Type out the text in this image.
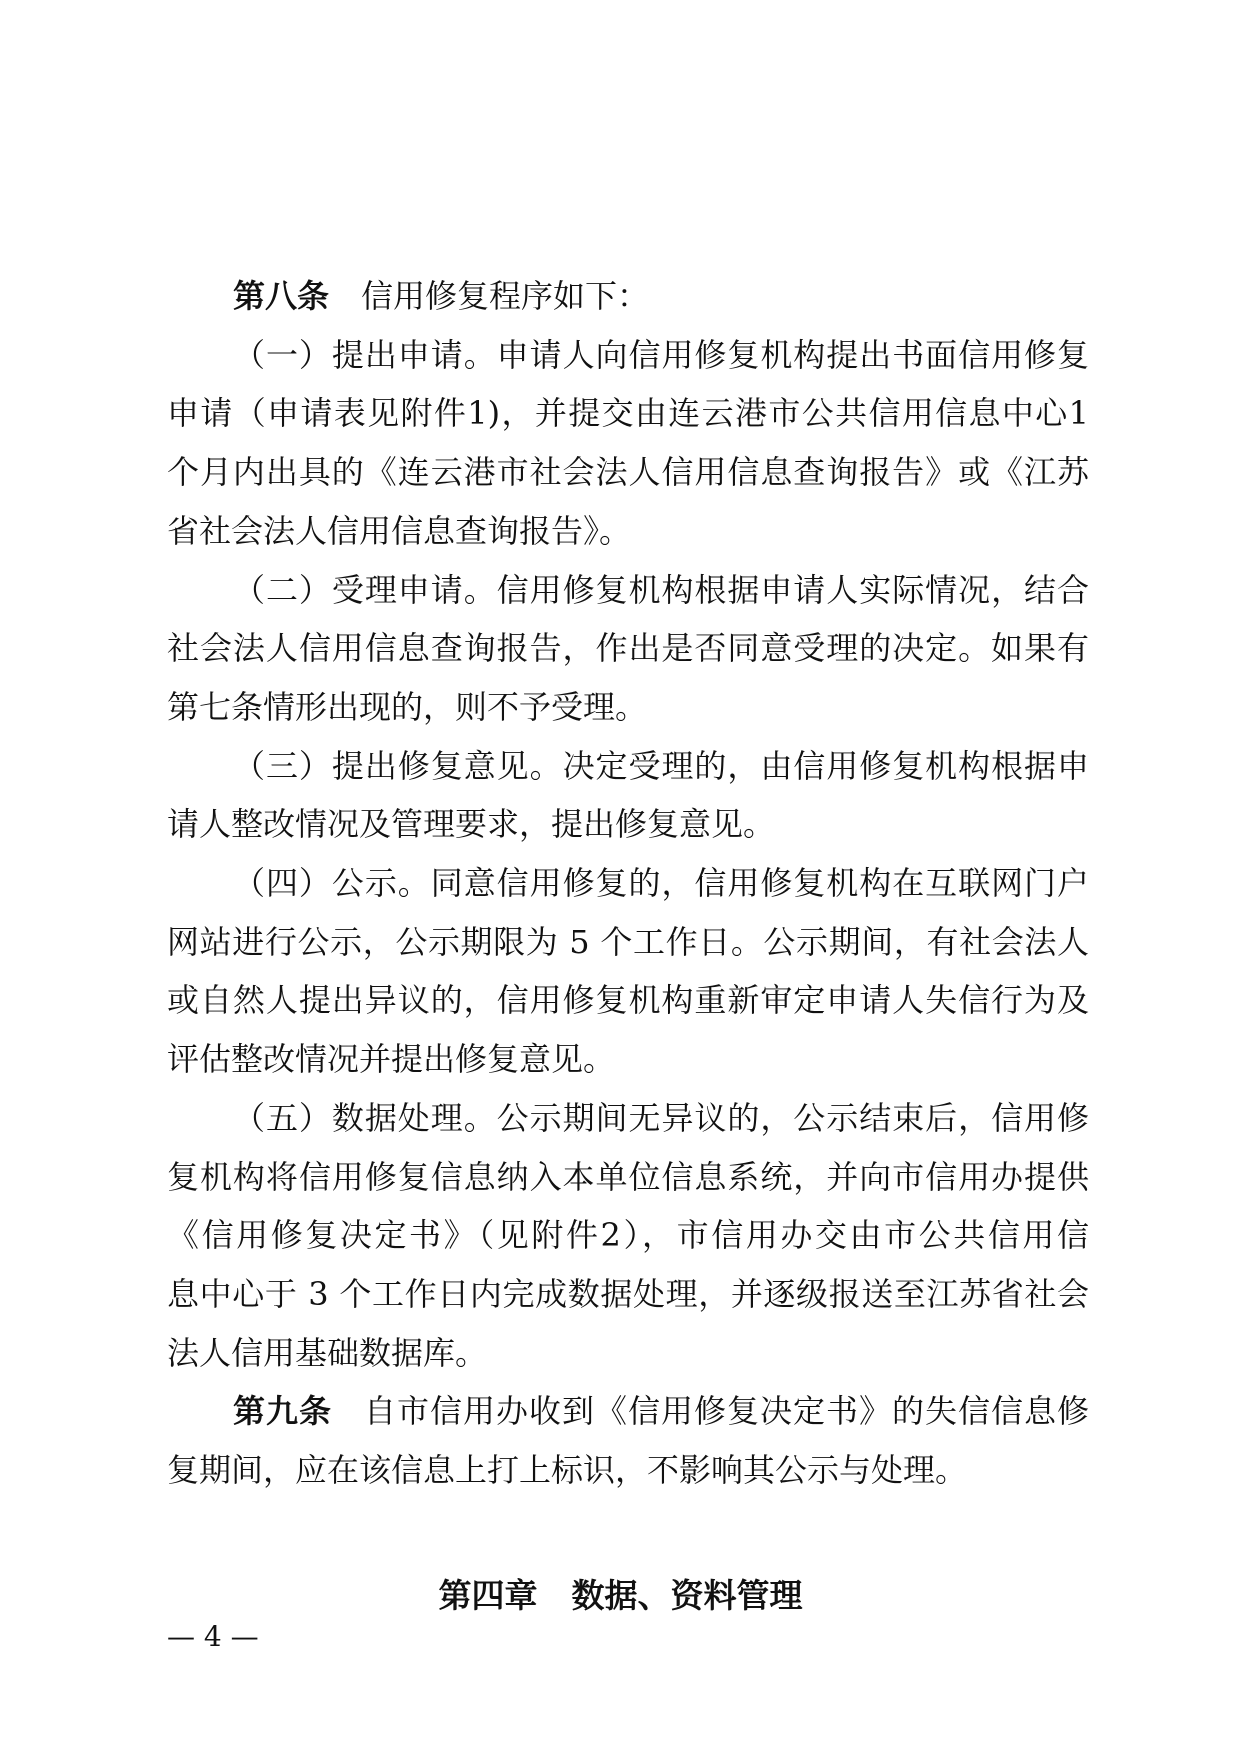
第八条 信用修复程序如下：
（一）提出申请。申请人向信用修复机构提出书面信用修复
申请（申请表见附件1)，并提交由连云港市公共信用信息中心1
个月内出具的《连云港市社会法人信用信息查询报告》或《江苏
省社会法人信用信息查询报告》。
（二）受理申请。信用修复机构根据申请人实际情况，结合
社会法人信用信息查询报告，作出是否同意受理的决定。如果有
第七条情形出现的，则不予受理。
（三）提出修复意见。决定受理的，由信用修复机构根据申
请人整改情况及管理要求，提出修复意见。
（四）公示。同意信用修复的，信用修复机构在互联网门户
网站进行公示，公示期限为 5 个工作日。公示期间，有社会法人
或自然人提出异议的，信用修复机构重新审定申请人失信行为及
评估整改情况并提出修复意见。
（五）数据处理。公示期间无异议的，公示结束后，信用修
复机构将信用修复信息纳入本单位信息系统，并向市信用办提供
《信用修复决定书》（见附件2），市信用办交由市公共信用信
息中心于 3 个工作日内完成数据处理，并逐级报送至江苏省社会
法人信用基础数据库。
第九条 自市信用办收到《信用修复决定书》的失信信息修
复期间，应在该信息上打上标识，不影响其公示与处理。
第四章 数据、资料管理
— 4 —
